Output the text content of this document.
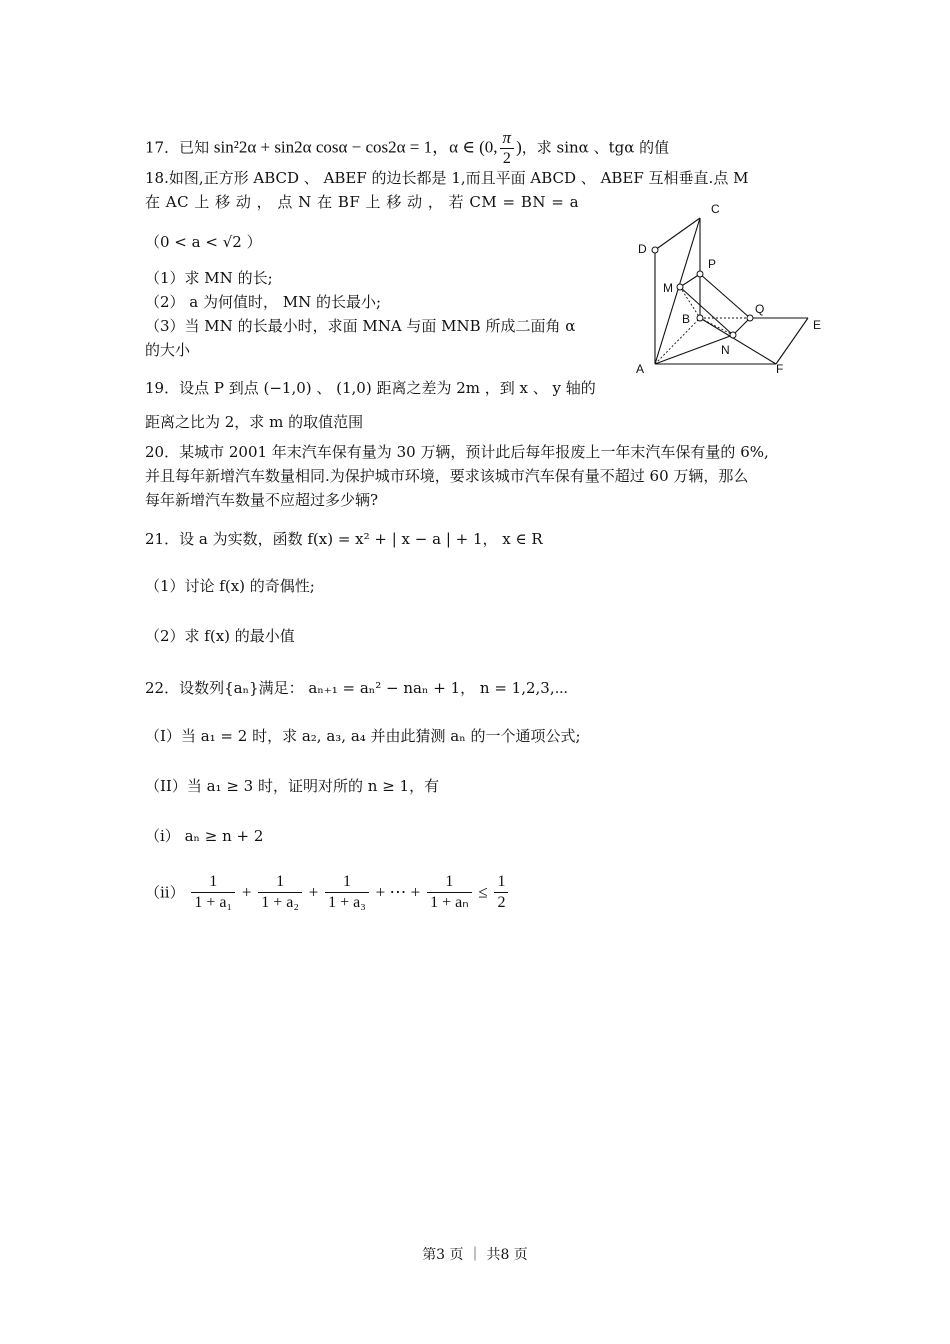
17．已知 sin²2α + sin2α cosα − cos2α = 1，α ∈ (0, $\frac{\pi}{2}$ )，求 sinα 、tgα 的值
18.如图,正方形 ABCD 、 ABEF 的边长都是 1,而且平面 ABCD 、 ABEF 互相垂直.点 M
在 AC 上 移 动 ， 点 N 在 BF 上 移 动 ， 若 CM = BN = a
（0 < a < √2 ）
（1）求 MN 的长;
（2） a 为何值时， MN 的长最小;
（3）当 MN 的长最小时，求面 MNA 与面 MNB 所成二面角 α
的大小
C
D
P
M
B
Q
E
N
A	F
19．设点 P 到点 (−1,0) 、 (1,0) 距离之差为 2m ，到 x 、 y 轴的
距离之比为 2，求 m 的取值范围
20．某城市 2001 年末汽车保有量为 30 万辆，预计此后每年报废上一年末汽车保有量的 6%,
并且每年新增汽车数量相同.为保护城市环境，要求该城市汽车保有量不超过 60 万辆，那么
每年新增汽车数量不应超过多少辆?
21．设 a 为实数，函数 f(x) = x² + | x − a | + 1， x ∈ R
（1）讨论 f(x) 的奇偶性;
（2）求 f(x) 的最小值
22．设数列{aₙ}满足： aₙ₊₁ = aₙ² − naₙ + 1， n = 1,2,3,⋯
（I）当 a₁ = 2 时，求 a₂, a₃, a₄ 并由此猜测 aₙ 的一个通项公式;
（II）当 a₁ ≥ 3 时，证明对所的 n ≥ 1，有
（i） aₙ ≥ n + 2
$(ii) \frac{1}{\text{1 + a₁}} + \frac{1}{\text{1 + a₂}} + \frac{1}{\text{1 + a₃}}$ + ⋯ + $\frac{1}{\text{1 + aₙ}} \le \frac{1}{2}$
第3 页 ｜ 共8 页
